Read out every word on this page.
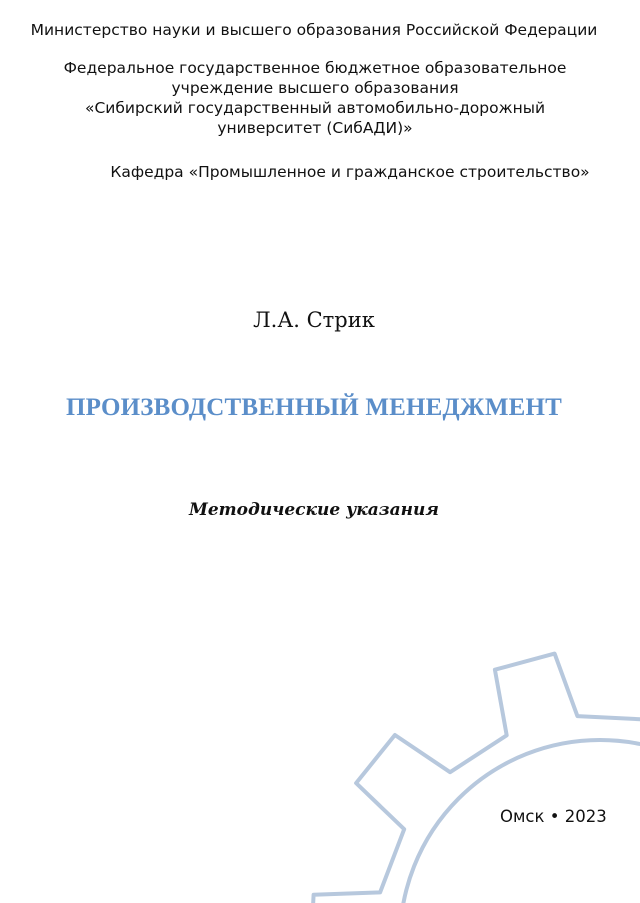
Министерство науки и высшего образования Российской Федерации
Федеральное государственное бюджетное образовательное
учреждение высшего образования
«Сибирский государственный автомобильно-дорожный
университет (СибАДИ)»
Кафедра «Промышленное и гражданское строительство»
Л.А. Стрик
ПРОИЗВОДСТВЕННЫЙ МЕНЕДЖМЕНТ
Методические указания
Омск • 2023
